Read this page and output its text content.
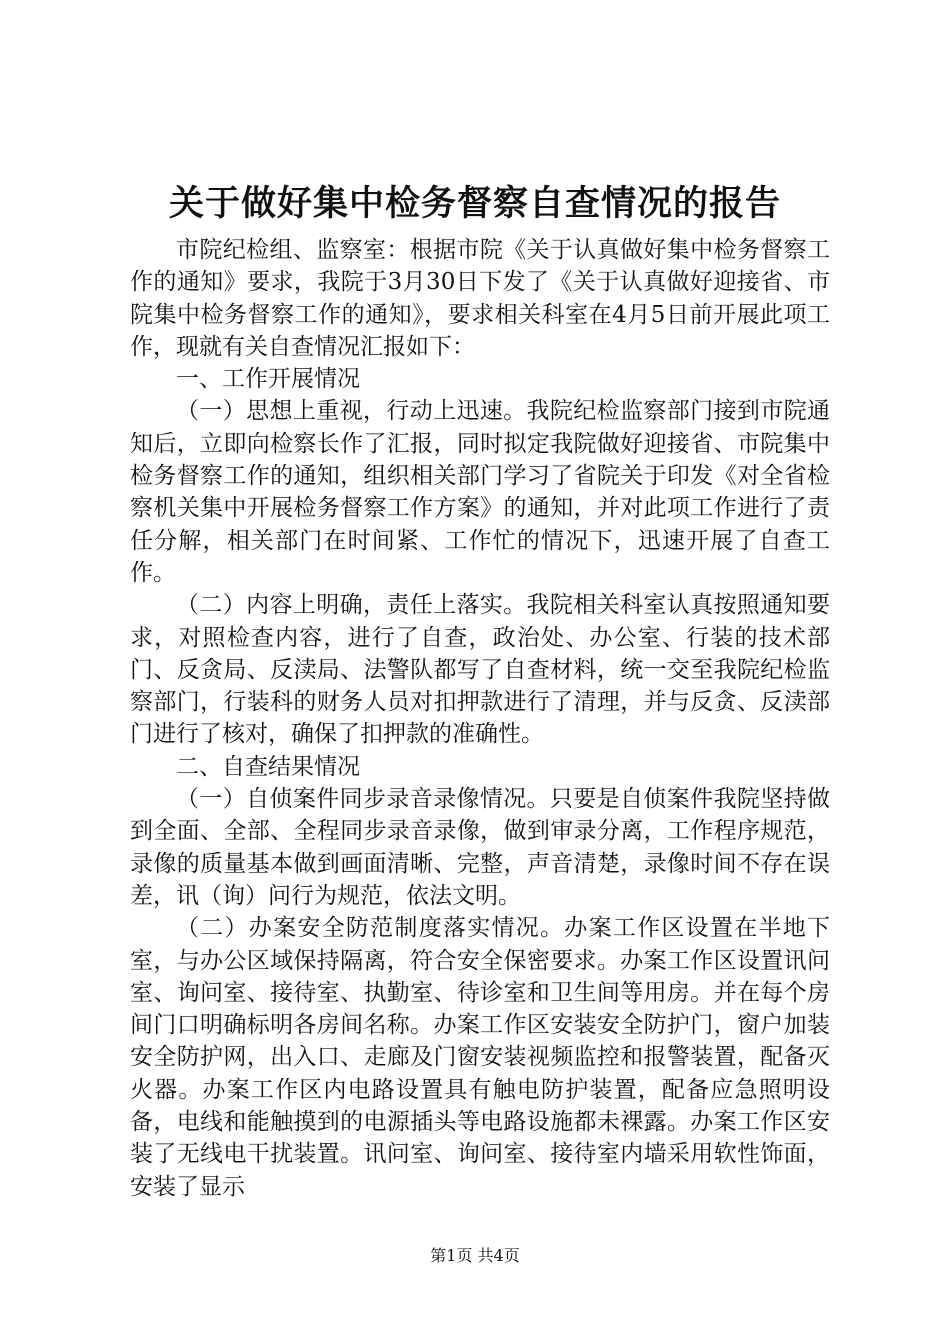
关于做好集中检务督察自查情况的报告

市院纪检组、监察室：根据市院《关于认真做好集中检务督察工作的通知》要求，我院于3月30日下发了《关于认真做好迎接省、市院集中检务督察工作的通知》，要求相关科室在4月5日前开展此项工作，现就有关自查情况汇报如下：

一、工作开展情况

（一）思想上重视，行动上迅速。我院纪检监察部门接到市院通知后，立即向检察长作了汇报，同时拟定我院做好迎接省、市院集中检务督察工作的通知，组织相关部门学习了省院关于印发《对全省检察机关集中开展检务督察工作方案》的通知，并对此项工作进行了责任分解，相关部门在时间紧、工作忙的情况下，迅速开展了自查工作。

（二）内容上明确，责任上落实。我院相关科室认真按照通知要求，对照检查内容，进行了自查，政治处、办公室、行装的技术部门、反贪局、反渎局、法警队都写了自查材料，统一交至我院纪检监察部门，行装科的财务人员对扣押款进行了清理，并与反贪、反渎部门进行了核对，确保了扣押款的准确性。

二、自查结果情况

（一）自侦案件同步录音录像情况。只要是自侦案件我院坚持做到全面、全部、全程同步录音录像，做到审录分离，工作程序规范，录像的质量基本做到画面清晰、完整，声音清楚，录像时间不存在误差，讯（询）问行为规范，依法文明。

（二）办案安全防范制度落实情况。办案工作区设置在半地下室，与办公区域保持隔离，符合安全保密要求。办案工作区设置讯问室、询问室、接待室、执勤室、待诊室和卫生间等用房。并在每个房间门口明确标明各房间名称。办案工作区安装安全防护门，窗户加装安全防护网，出入口、走廊及门窗安装视频监控和报警装置，配备灭火器。办案工作区内电路设置具有触电防护装置，配备应急照明设备，电线和能触摸到的电源插头等电路设施都未裸露。办案工作区安装了无线电干扰装置。讯问室、询问室、接待室内墙采用软性饰面，安装了显示

第1页 共4页
